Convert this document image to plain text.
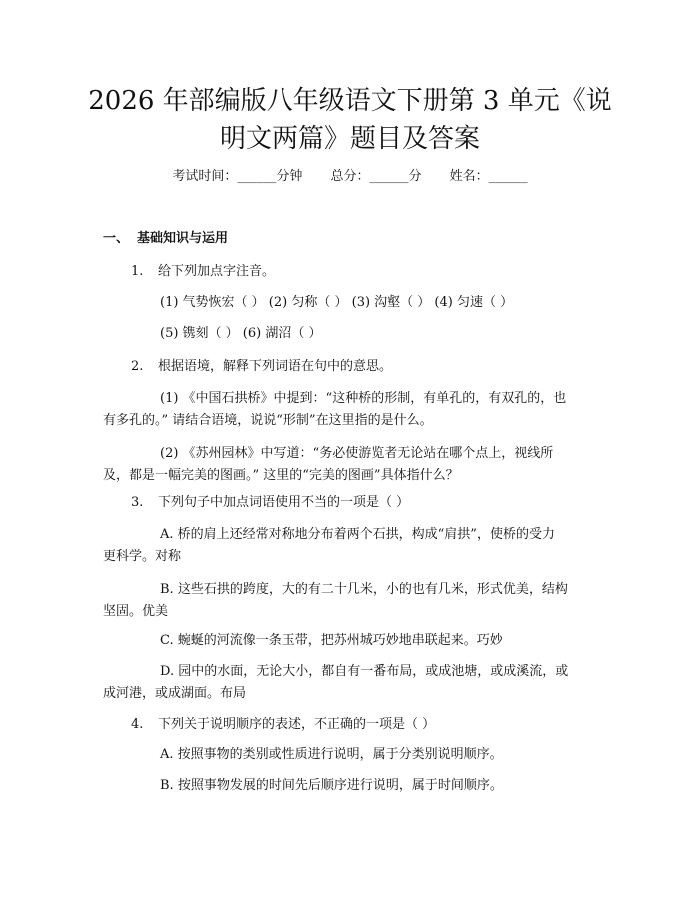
2026 年部编版八年级语文下册第 3 单元《说
明文两篇》题目及答案
考试时间：______分钟 总分：______分 姓名：______
一、 基础知识与运用
1. 给下列加点字注音。
(1) 气势恢宏（ ） (2) 匀称（ ） (3) 沟壑（ ） (4) 匀速（ ）
(5) 镌刻（ ） (6) 湖沼（ ）
2. 根据语境，解释下列词语在句中的意思。
(1) 《中国石拱桥》中提到：“这种桥的形制，有单孔的，有双孔的，也
有多孔的。” 请结合语境，说说“形制”在这里指的是什么。
(2) 《苏州园林》中写道：“务必使游览者无论站在哪个点上，视线所
及，都是一幅完美的图画。” 这里的“完美的图画”具体指什么？
3. 下列句子中加点词语使用不当的一项是（ ）
A. 桥的肩上还经常对称地分布着两个石拱，构成“肩拱”，使桥的受力
更科学。对称
B. 这些石拱的跨度，大的有二十几米，小的也有几米，形式优美，结构
坚固。优美
C. 蜿蜒的河流像一条玉带，把苏州城巧妙地串联起来。巧妙
D. 园中的水面，无论大小，都自有一番布局，或成池塘，或成溪流，或
成河港，或成湖面。布局
4. 下列关于说明顺序的表述，不正确的一项是（ ）
A. 按照事物的类别或性质进行说明，属于分类别说明顺序。
B. 按照事物发展的时间先后顺序进行说明，属于时间顺序。
